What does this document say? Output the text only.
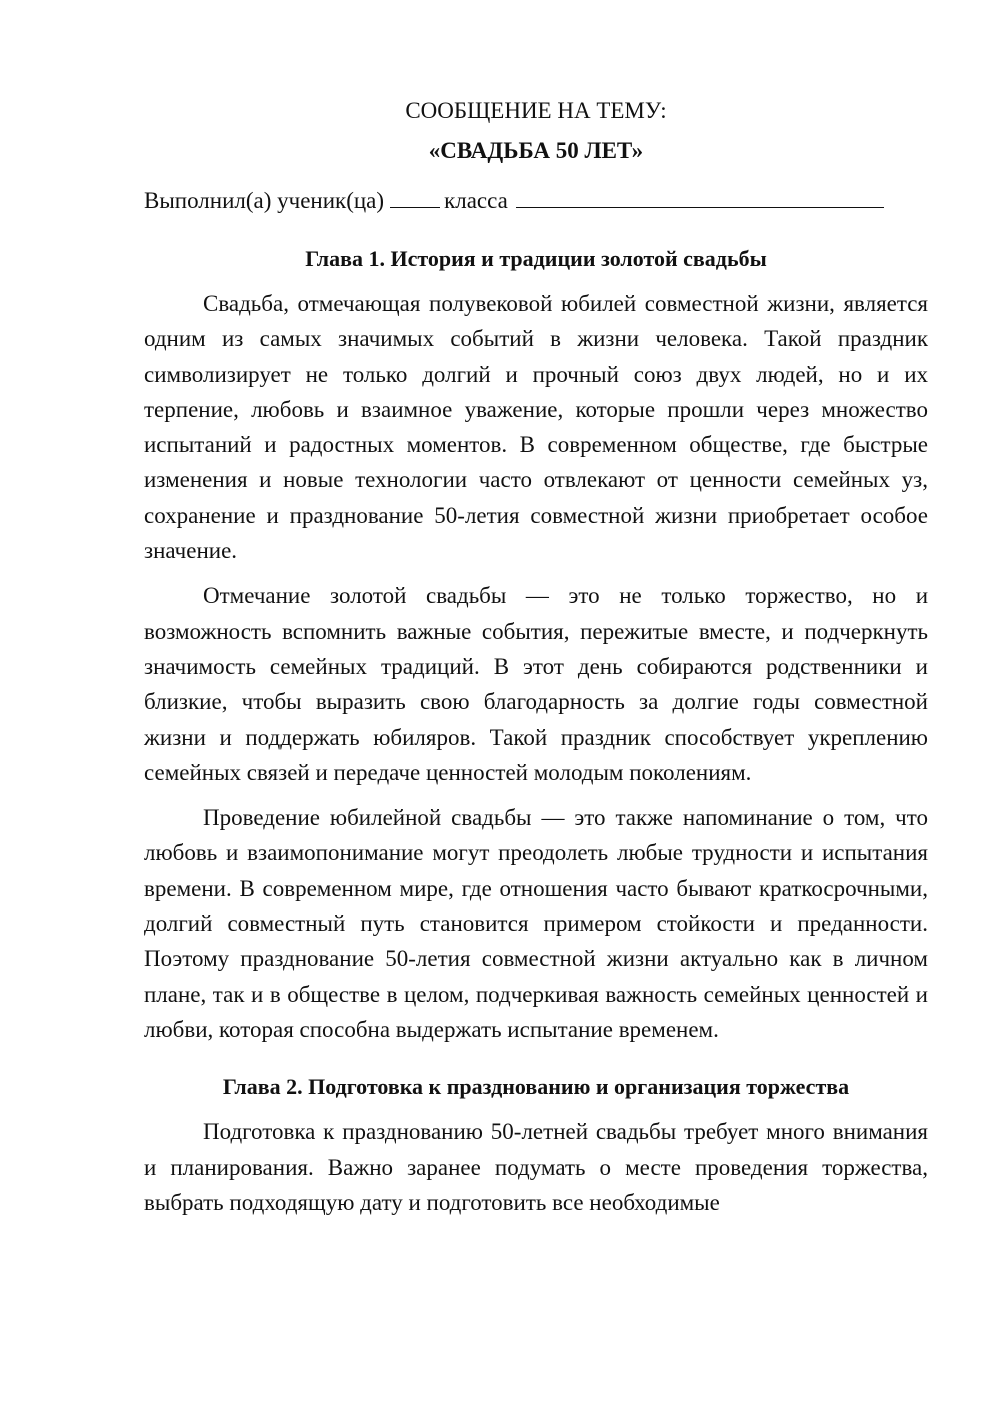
СООБЩЕНИЕ НА ТЕМУ:

«СВАДЬБА 50 ЛЕТ»

Выполнил(а) ученик(ца)	класса

Глава 1. История и традиции золотой свадьбы

Свадьба, отмечающая полувековой юбилей совместной жизни, является одним из самых значимых событий в жизни человека. Такой праздник символизирует не только долгий и прочный союз двух людей, но и их терпение, любовь и взаимное уважение, которые прошли через множество испытаний и радостных моментов. В современном обществе, где быстрые изменения и новые технологии часто отвлекают от ценности семейных уз, сохранение и празднование 50-летия совместной жизни приобретает особое значение.

Отмечание золотой свадьбы — это не только торжество, но и возможность вспомнить важные события, пережитые вместе, и подчеркнуть значимость семейных традиций. В этот день собираются родственники и близкие, чтобы выразить свою благодарность за долгие годы совместной жизни и поддержать юбиляров. Такой праздник способствует укреплению семейных связей и передаче ценностей молодым поколениям.

Проведение юбилейной свадьбы — это также напоминание о том, что любовь и взаимопонимание могут преодолеть любые трудности и испытания времени. В современном мире, где отношения часто бывают краткосрочными, долгий совместный путь становится примером стойкости и преданности. Поэтому празднование 50-летия совместной жизни актуально как в личном плане, так и в обществе в целом, подчеркивая важность семейных ценностей и любви, которая способна выдержать испытание временем.

Глава 2. Подготовка к празднованию и организация торжества

Подготовка к празднованию 50-летней свадьбы требует много внимания и планирования. Важно заранее подумать о месте проведения торжества, выбрать подходящую дату и подготовить все необходимые
